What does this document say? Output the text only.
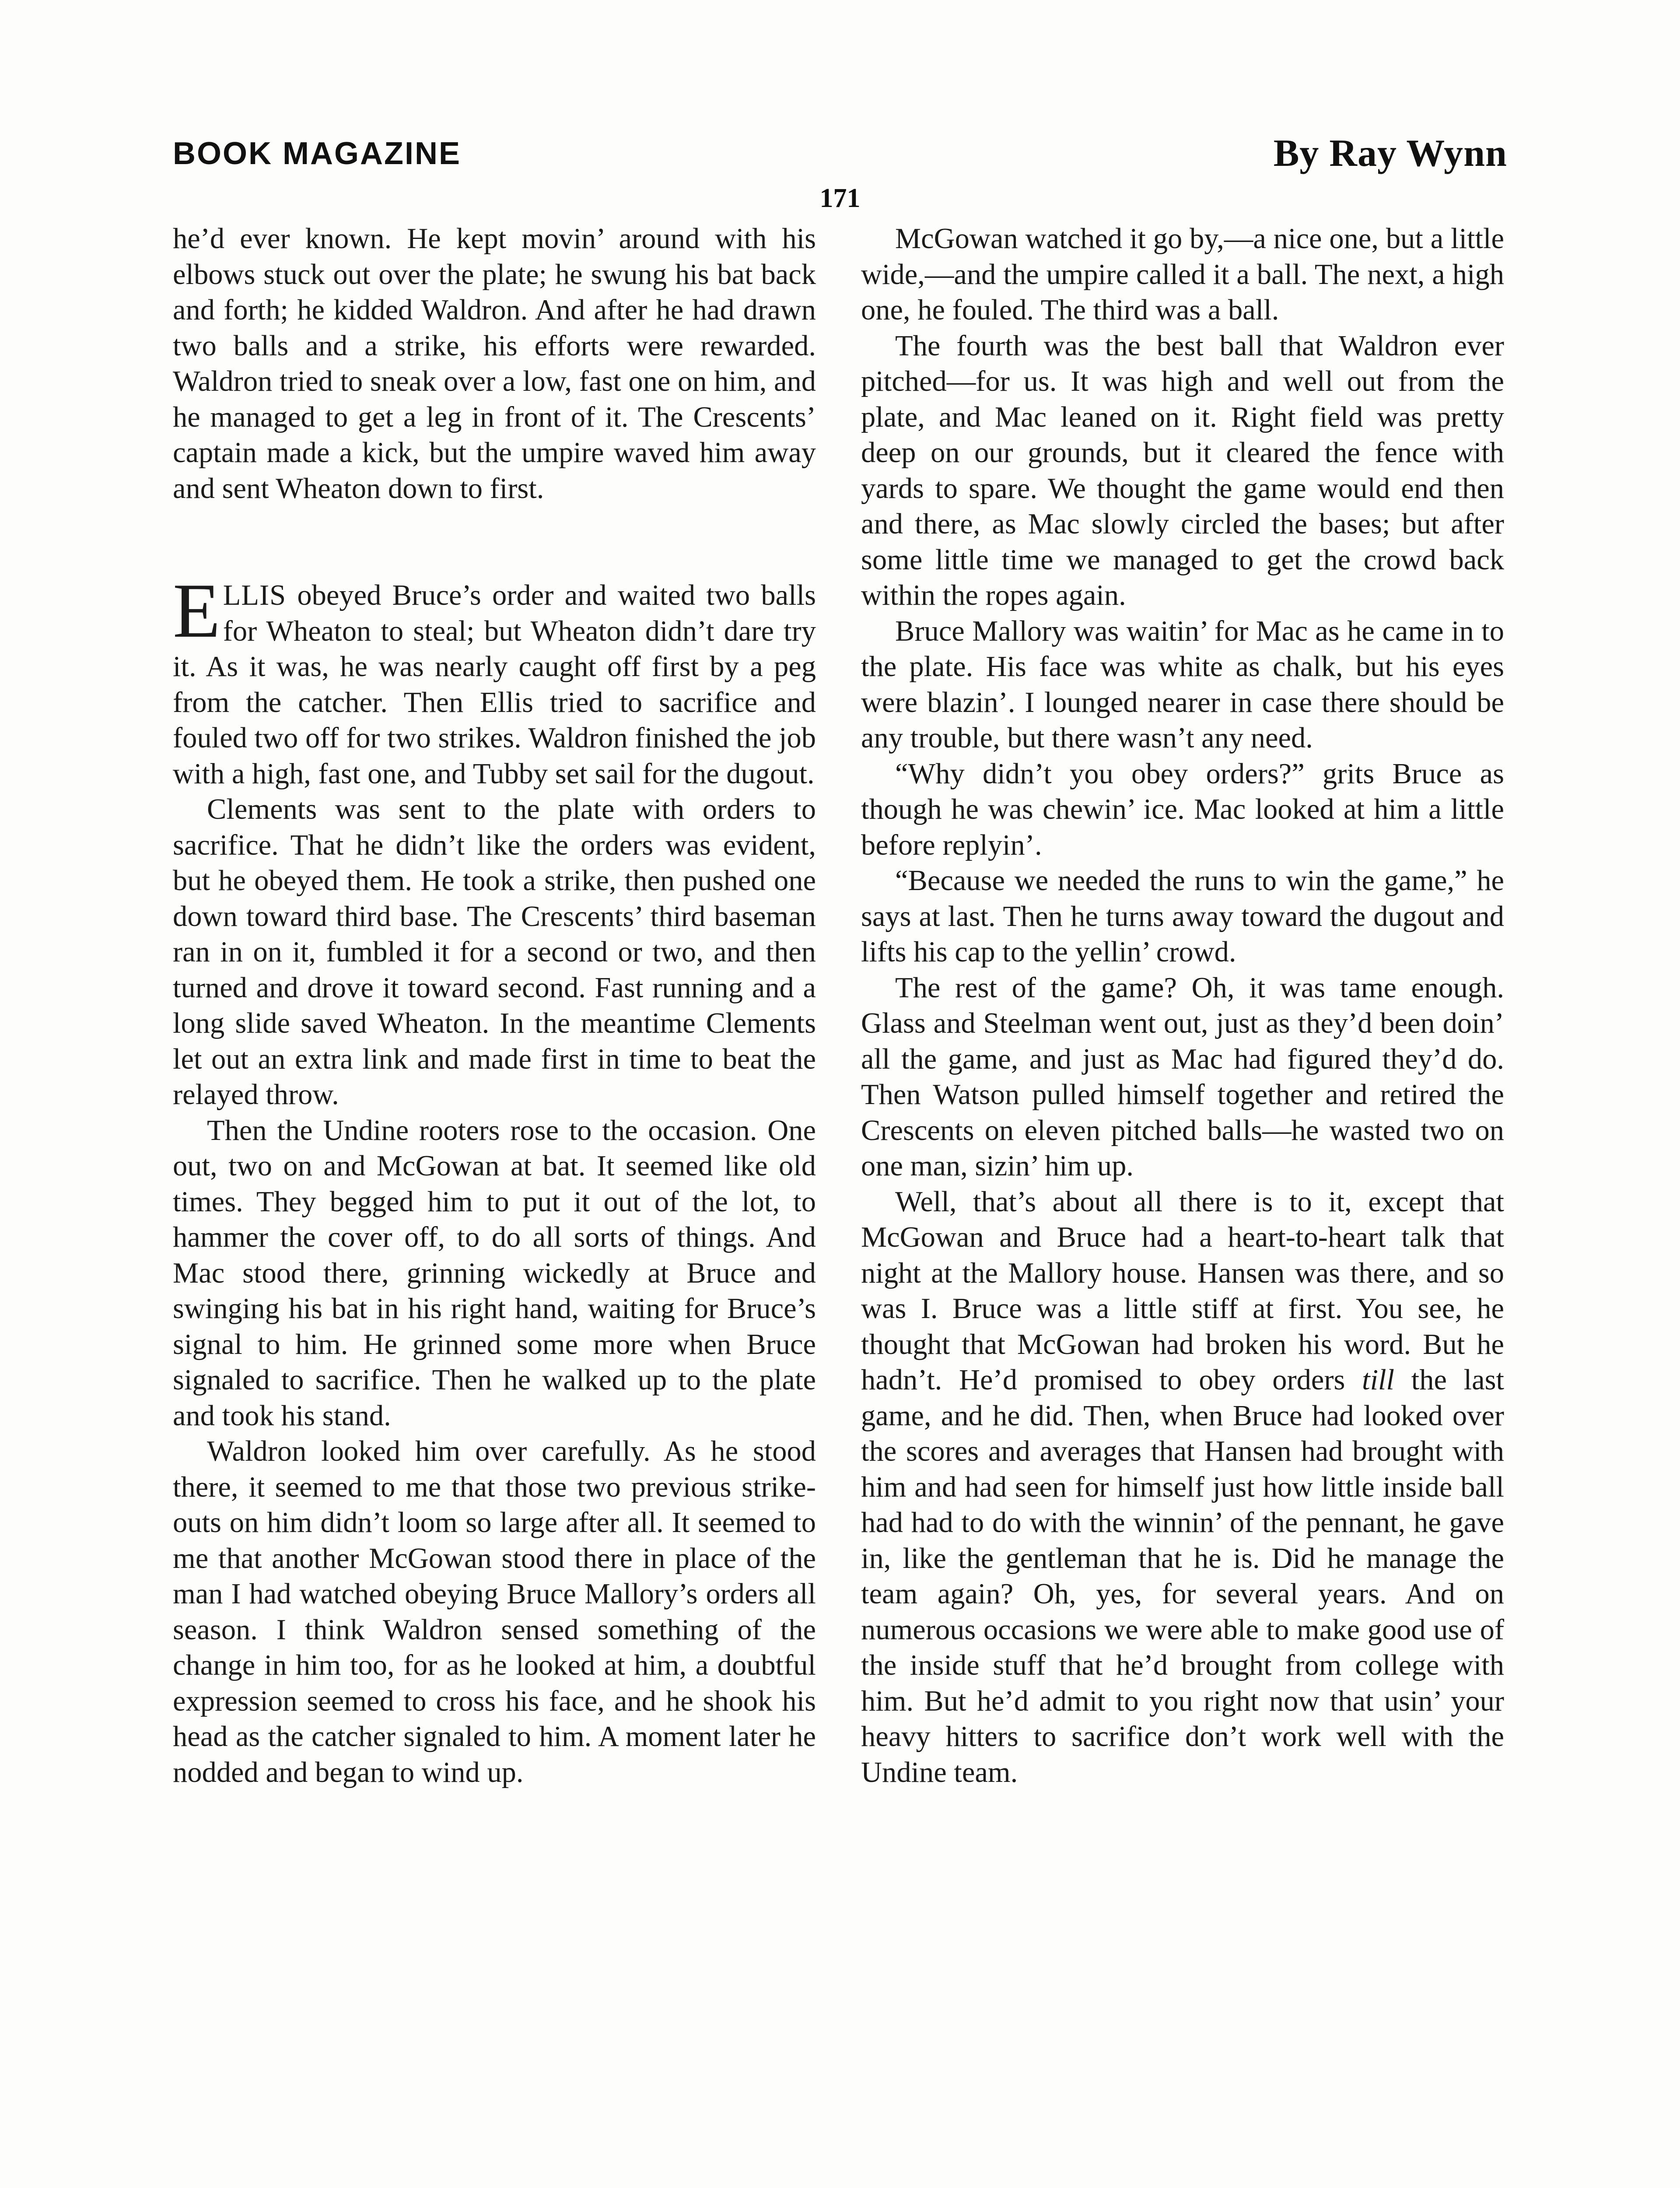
BOOK MAGAZINE	By Ray Wynn
171

he’d ever known. He kept movin’ around with his elbows stuck out over the plate; he swung his bat back and forth; he kidded Waldron. And after he had drawn two balls and a strike, his efforts were rewarded. Waldron tried to sneak over a low, fast one on him, and he managed to get a leg in front of it. The Crescents’ captain made a kick, but the umpire waved him away and sent Wheaton down to first.

ELLIS obeyed Bruce’s order and waited two balls for Wheaton to steal; but Wheaton didn’t dare try it. As it was, he was nearly caught off first by a peg from the catcher. Then Ellis tried to sacrifice and fouled two off for two strikes. Waldron finished the job with a high, fast one, and Tubby set sail for the dugout.

Clements was sent to the plate with orders to sacrifice. That he didn’t like the orders was evident, but he obeyed them. He took a strike, then pushed one down toward third base. The Crescents’ third baseman ran in on it, fumbled it for a second or two, and then turned and drove it toward second. Fast running and a long slide saved Wheaton. In the meantime Clements let out an extra link and made first in time to beat the relayed throw.

Then the Undine rooters rose to the occasion. One out, two on and McGowan at bat. It seemed like old times. They begged him to put it out of the lot, to hammer the cover off, to do all sorts of things. And Mac stood there, grinning wickedly at Bruce and swinging his bat in his right hand, waiting for Bruce’s signal to him. He grinned some more when Bruce signaled to sacrifice. Then he walked up to the plate and took his stand.

Waldron looked him over carefully. As he stood there, it seemed to me that those two previous strike-outs on him didn’t loom so large after all. It seemed to me that another McGowan stood there in place of the man I had watched obeying Bruce Mallory’s orders all season. I think Waldron sensed something of the change in him too, for as he looked at him, a doubtful expression seemed to cross his face, and he shook his head as the catcher signaled to him. A moment later he nodded and began to wind up.

McGowan watched it go by,—a nice one, but a little wide,—and the umpire called it a ball. The next, a high one, he fouled. The third was a ball.

The fourth was the best ball that Waldron ever pitched—for us. It was high and well out from the plate, and Mac leaned on it. Right field was pretty deep on our grounds, but it cleared the fence with yards to spare. We thought the game would end then and there, as Mac slowly circled the bases; but after some little time we managed to get the crowd back within the ropes again.

Bruce Mallory was waitin’ for Mac as he came in to the plate. His face was white as chalk, but his eyes were blazin’. I lounged nearer in case there should be any trouble, but there wasn’t any need.

“Why didn’t you obey orders?” grits Bruce as though he was chewin’ ice. Mac looked at him a little before replyin’.

“Because we needed the runs to win the game,” he says at last. Then he turns away toward the dugout and lifts his cap to the yellin’ crowd.

The rest of the game? Oh, it was tame enough. Glass and Steelman went out, just as they’d been doin’ all the game, and just as Mac had figured they’d do. Then Watson pulled himself together and retired the Crescents on eleven pitched balls—he wasted two on one man, sizin’ him up.

Well, that’s about all there is to it, except that McGowan and Bruce had a heart-to-heart talk that night at the Mallory house. Hansen was there, and so was I. Bruce was a little stiff at first. You see, he thought that McGowan had broken his word. But he hadn’t. He’d promised to obey orders till the last game, and he did. Then, when Bruce had looked over the scores and averages that Hansen had brought with him and had seen for himself just how little inside ball had had to do with the winnin’ of the pennant, he gave in, like the gentleman that he is. Did he manage the team again? Oh, yes, for several years. And on numerous occasions we were able to make good use of the inside stuff that he’d brought from college with him. But he’d admit to you right now that usin’ your heavy hitters to sacrifice don’t work well with the Undine team.
